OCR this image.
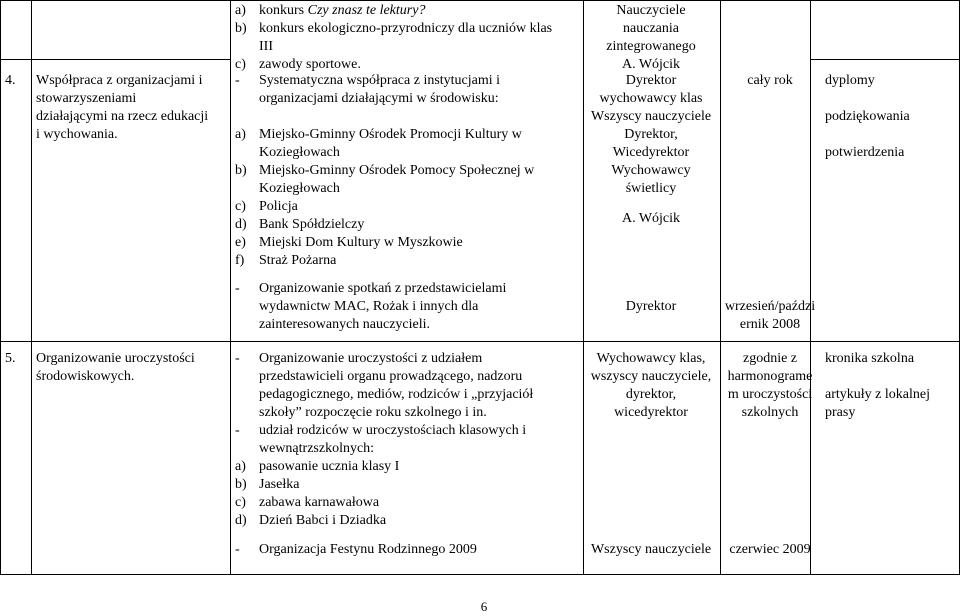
a) konkurs Czy znasz te lektury?
b) konkurs ekologiczno-przyrodniczy dla uczniów klas
III
c) zawody sportowe.
Nauczyciele
nauczania
zintegrowanego
A. Wójcik
4. Współpraca z organizacjami i
stowarzyszeniami
działającymi na rzecz edukacji
i wychowania.
- Systematyczna współpraca z instytucjami i
organizacjami działającymi w środowisku:
a) Miejsko-Gminny Ośrodek Promocji Kultury w
Koziegłowach
b) Miejsko-Gminny Ośrodek Pomocy Społecznej w
Koziegłowach
c) Policja
d) Bank Spółdzielczy
e) Miejski Dom Kultury w Myszkowie
f) Straż Pożarna
Dyrektor
wychowawcy klas
Wszyscy nauczyciele
Dyrektor,
Wicedyrektor
Wychowawcy
świetlicy
A. Wójcik
cały rok dyplomy
podziękowania
potwierdzenia
- Organizowanie spotkań z przedstawicielami
wydawnictw MAC, Rożak i innych dla
zainteresowanych nauczycieli.
Dyrektor	wrzesień/paździ
ernik 2008
5. Organizowanie uroczystości
środowiskowych.
- Organizowanie uroczystości z udziałem
przedstawicieli organu prowadzącego, nadzoru
pedagogicznego, mediów, rodziców i „przyjaciół
szkoły” rozpoczęcie roku szkolnego i in.
- udział rodziców w uroczystościach klasowych i
wewnątrzszkolnych:
a) pasowanie ucznia klasy I
b) Jasełka
c) zabawa karnawałowa
d) Dzień Babci i Dziadka
Wychowawcy klas,
wszyscy nauczyciele,
dyrektor,
wicedyrektor
zgodnie z
harmonograme
m uroczystości
szkolnych
kronika szkolna
artykuły z lokalnej
prasy
- Organizacja Festynu Rodzinnego 2009	Wszyscy nauczyciele czerwiec 2009
6
